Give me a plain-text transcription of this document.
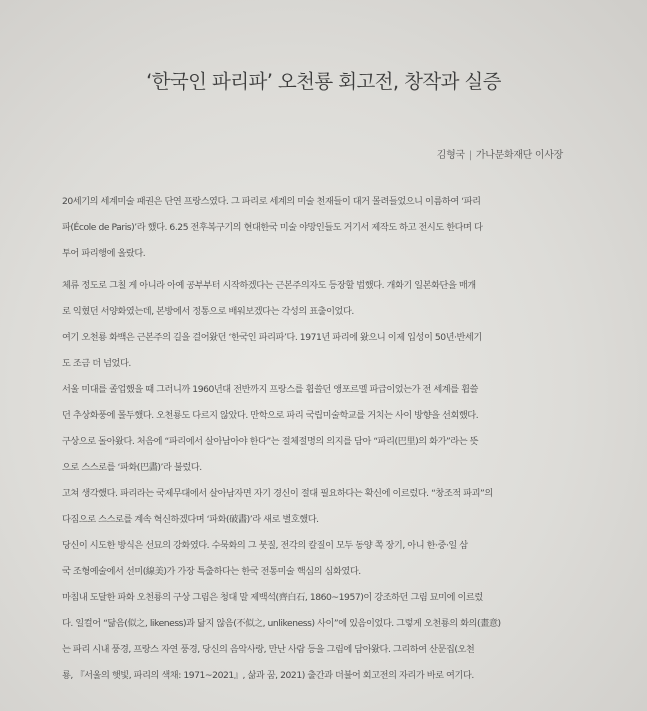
‘한국인 파리파’ 오천룡 회고전, 창작과 실증
김형국 | 가나문화재단 이사장
20세기의 세계미술 패권은 단연 프랑스였다. 그 파리로 세계의 미술 천재들이 대거 몰려들었으니 이름하여 ‘파리
파(École de Paris)’라 했다. 6.25 전후복구기의 현대한국 미술 야망인들도 거기서 제작도 하고 전시도 한다며 다
투어 파리행에 올랐다.
체류 정도로 그칠 게 아니라 아예 공부부터 시작하겠다는 근본주의자도 등장할 법했다. 개화기 일본화단을 매개
로 익혔던 서양화였는데, 본방에서 정통으로 배워보겠다는 각성의 표출이었다.
여기 오천룡 화백은 근본주의 길을 걸어왔던 ‘한국인 파리파’다. 1971년 파리에 왔으니 이제 입성이 50년·반세기
도 조금 더 넘었다.
서울 미대를 졸업했을 때 그러니까 1960년대 전반까지 프랑스를 휩쓸던 앵포르멜 파급이었는가 전 세계를 휩쓸
던 추상화풍에 몰두했다. 오천룡도 다르지 않았다. 만학으로 파리 국립미술학교를 거치는 사이 방향을 선회했다.
구상으로 돌아왔다. 처음에 “파리에서 살아남아야 한다”는 절체절명의 의지를 담아 “파리(巴里)의 화가”라는 뜻
으로 스스로를 ‘파화(巴畵)’라 불렀다.
고쳐 생각했다. 파리라는 국제무대에서 살아남자면 자기 경신이 절대 필요하다는 확신에 이르렀다. “창조적 파괴”의
다짐으로 스스로를 계속 혁신하겠다며 ‘파화(破畵)’라 새로 별호했다.
당신이 시도한 방식은 선묘의 강화였다. 수묵화의 그 붓질, 전각의 칼질이 모두 동양 쪽 장기, 아니 한·중·일 삼
국 조형예술에서 선미(線美)가 가장 특출하다는 한국 전통미술 핵심의 심화였다.
마침내 도달한 파화 오천룡의 구상 그림은 청대 말 제백석(齊白石, 1860~1957)이 강조하던 그림 묘미에 이르렀
다. 일컬어 “닮음(似之, likeness)과 닮지 않음(不似之, unlikeness) 사이”에 있음이었다. 그렇게 오천룡의 화의(畫意)
는 파리 시내 풍경, 프랑스 자연 풍경, 당신의 음악사랑, 만난 사람 등을 그림에 담아왔다. 그리하여 산문집(오천
룡, 『서울의 햇빛, 파리의 색채: 1971~2021』, 삶과 꿈, 2021) 출간과 더불어 회고전의 자리가 바로 여기다.
